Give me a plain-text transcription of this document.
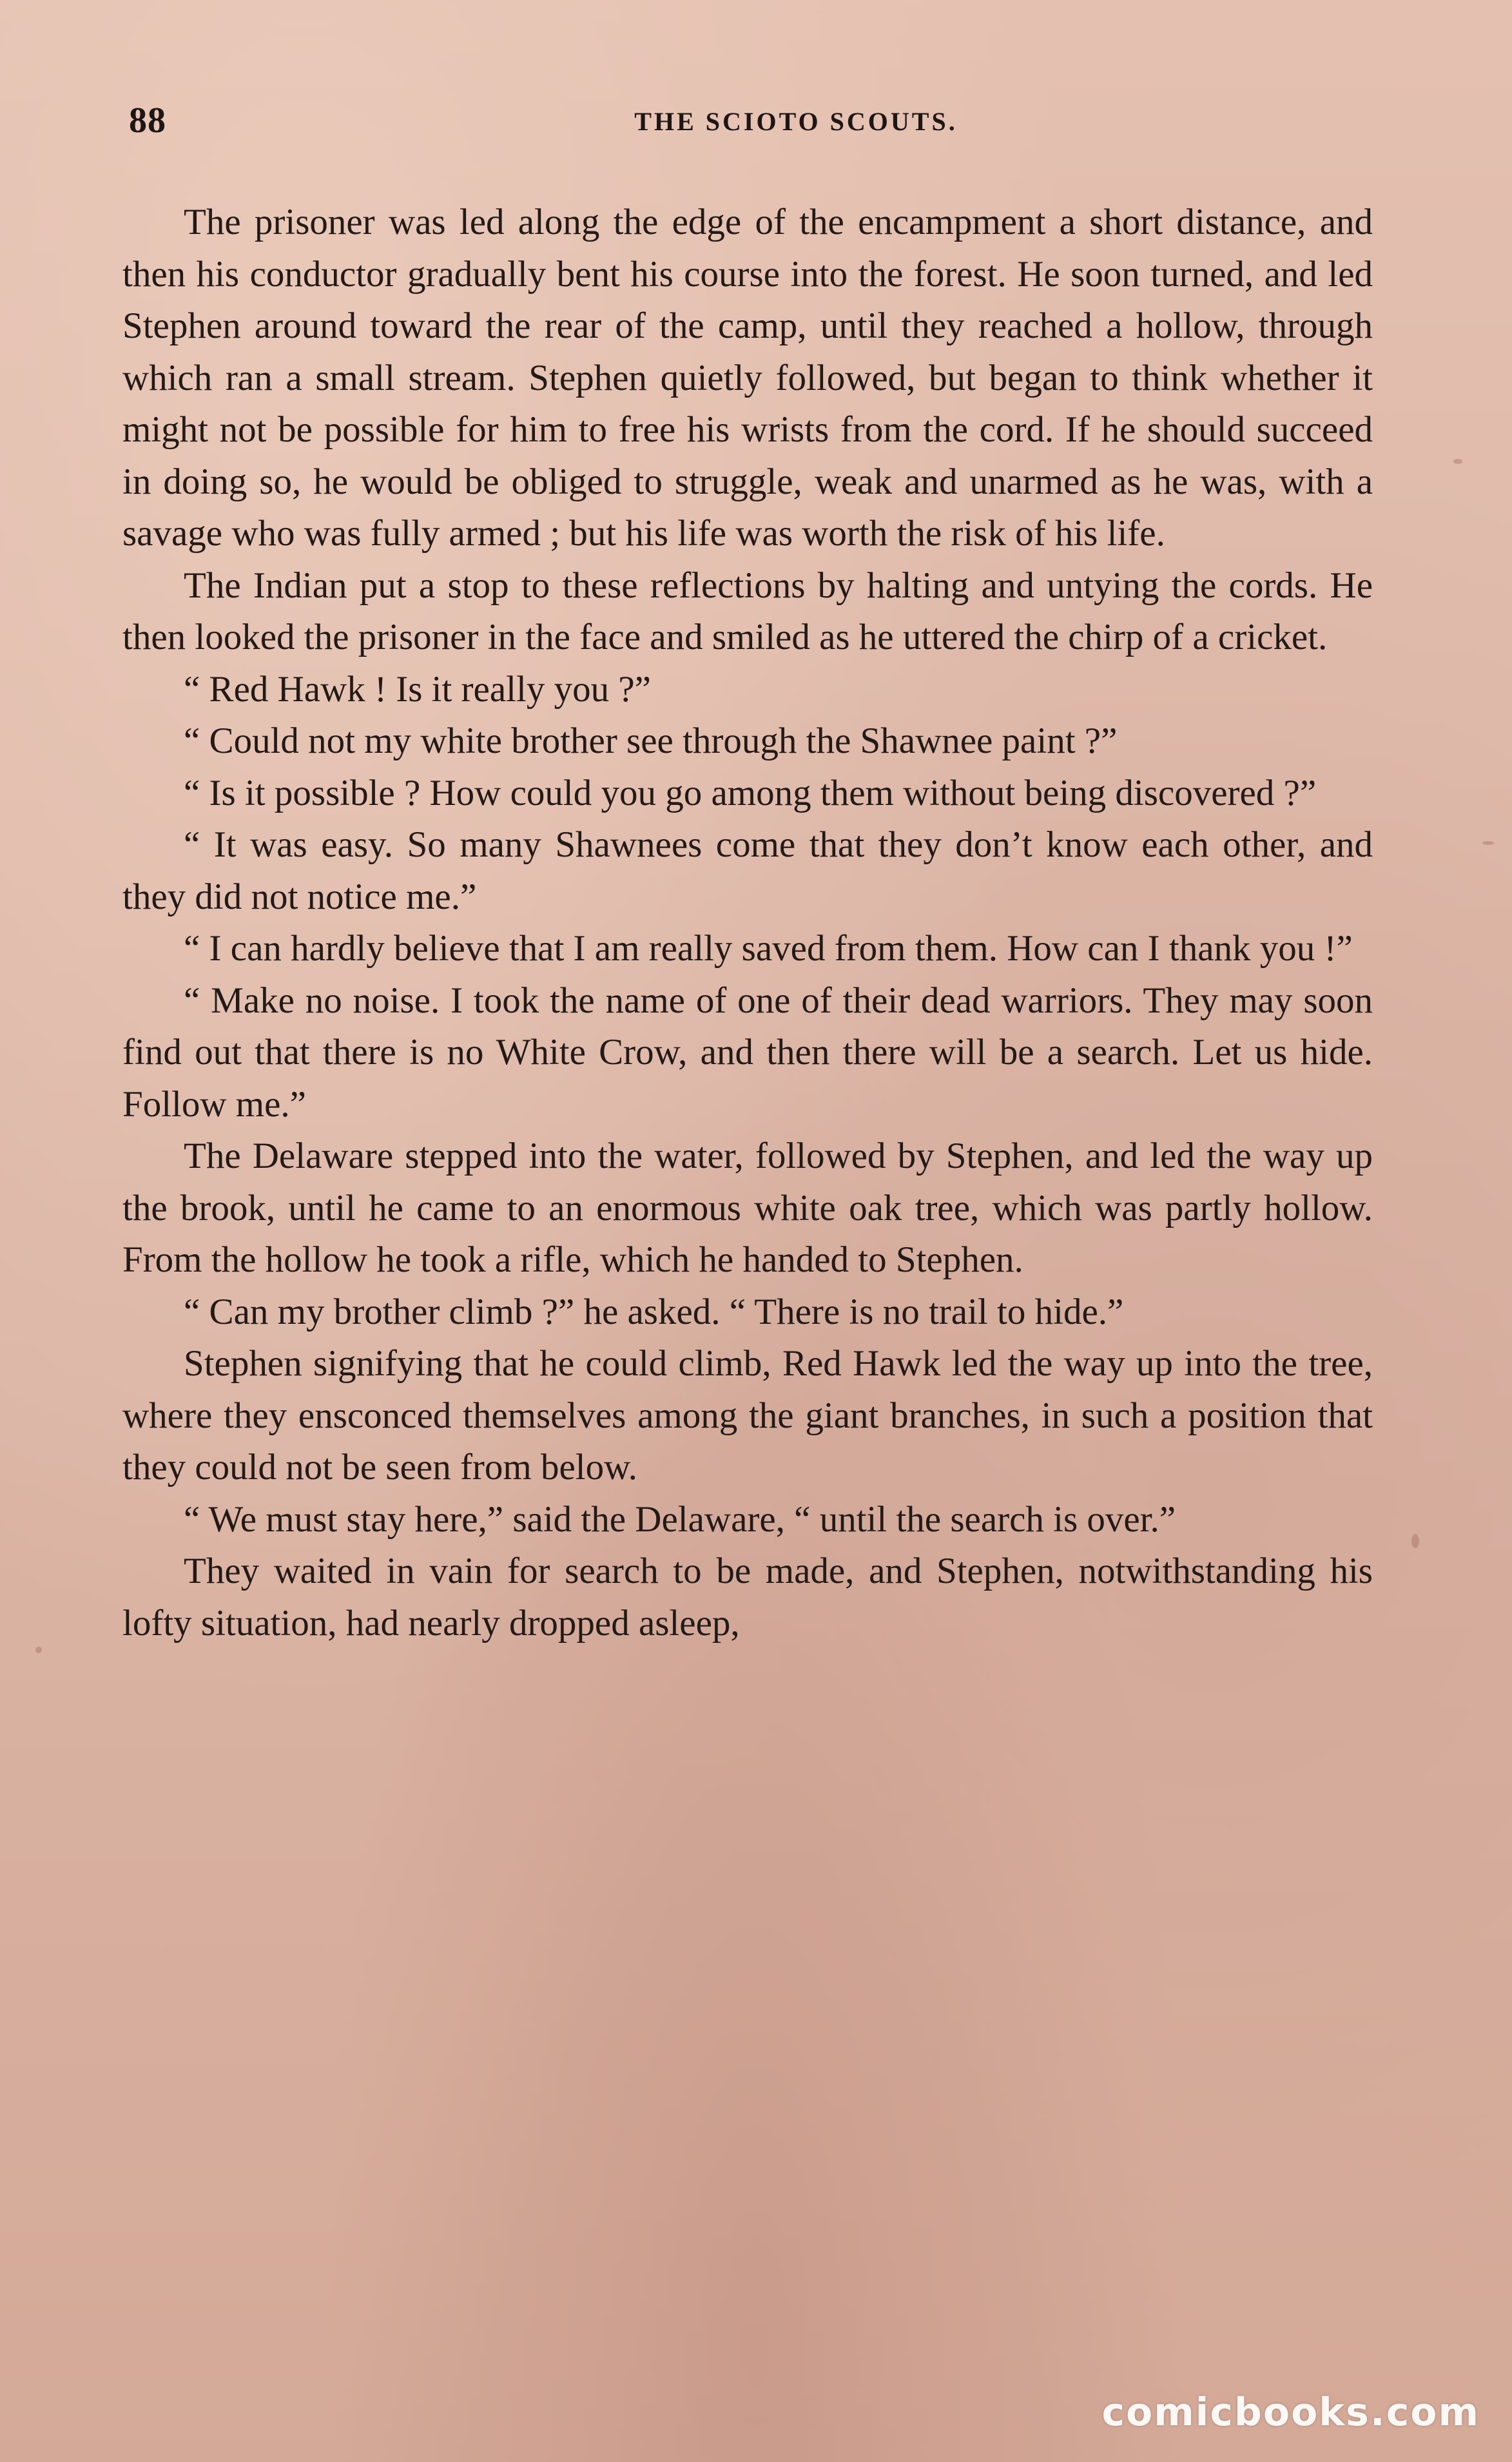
88	THE SCIOTO SCOUTS.

The prisoner was led along the edge of the encampment a short distance, and then his conductor gradually bent his course into the forest. He soon turned, and led Stephen around toward the rear of the camp, until they reached a hollow, through which ran a small stream. Stephen quietly followed, but began to think whether it might not be possible for him to free his wrists from the cord. If he should succeed in doing so, he would be obliged to struggle, weak and unarmed as he was, with a savage who was fully armed ; but his life was worth the risk of his life.

The Indian put a stop to these reflections by halting and untying the cords. He then looked the prisoner in the face and smiled as he uttered the chirp of a cricket.

“ Red Hawk ! Is it really you ?”

“ Could not my white brother see through the Shawnee paint ?”

“ Is it possible ? How could you go among them without being discovered ?”

“ It was easy. So many Shawnees come that they don’t know each other, and they did not notice me.”

“ I can hardly believe that I am really saved from them. How can I thank you !”

“ Make no noise. I took the name of one of their dead warriors. They may soon find out that there is no White Crow, and then there will be a search. Let us hide. Follow me.”

The Delaware stepped into the water, followed by Stephen, and led the way up the brook, until he came to an enormous white oak tree, which was partly hollow. From the hollow he took a rifle, which he handed to Stephen.

“ Can my brother climb ?” he asked. “ There is no trail to hide.”

Stephen signifying that he could climb, Red Hawk led the way up into the tree, where they ensconced themselves among the giant branches, in such a position that they could not be seen from below.

“ We must stay here,” said the Delaware, “ until the search is over.”

They waited in vain for search to be made, and Stephen, notwithstanding his lofty situation, had nearly dropped asleep,

comicbooks.com
